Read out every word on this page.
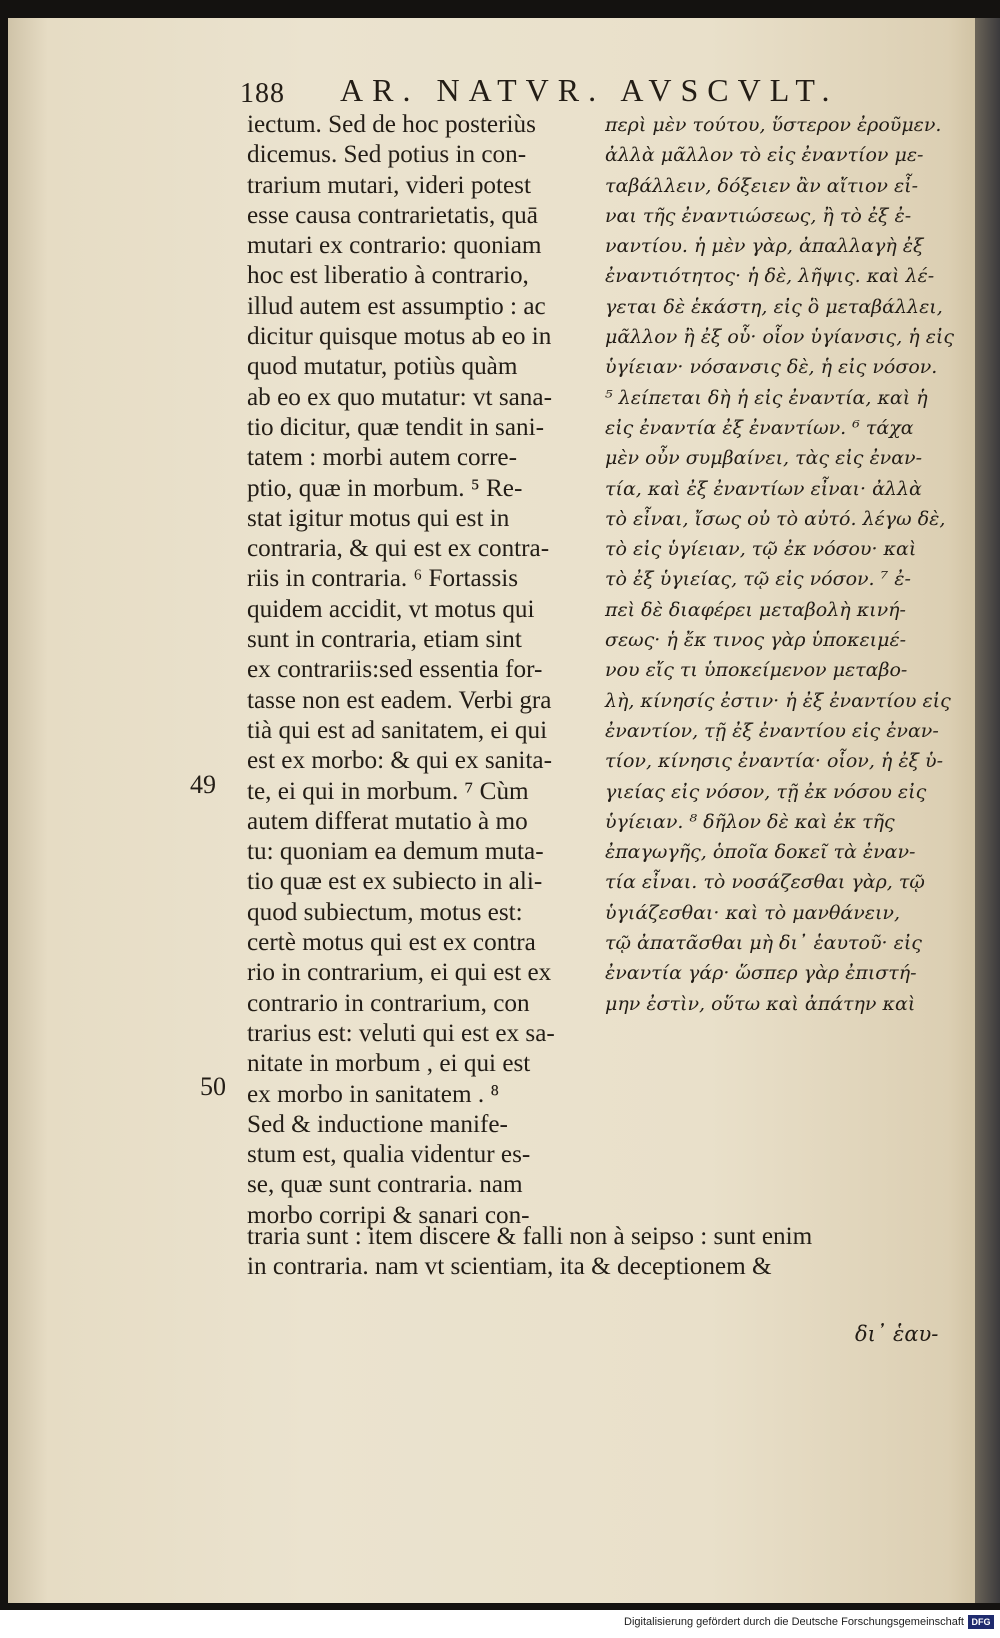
188 AR. NATVR. AVSCVLT.
49
50
iectum. Sed de hoc posteriùs
dicemus. Sed potius in con-
trarium mutari, videri potest
esse causa contrarietatis, quā
mutari ex contrario: quoniam
hoc est liberatio à contrario,
illud autem est assumptio : ac
dicitur quisque motus ab eo in
quod mutatur, potiùs quàm
ab eo ex quo mutatur: vt sana-
tio dicitur, quæ tendit in sani-
tatem : morbi autem corre-
ptio, quæ in morbum. ⁵ Re-
stat igitur motus qui est in
contraria, & qui est ex contra-
riis in contraria. ⁶ Fortassis
quidem accidit, vt motus qui
sunt in contraria, etiam sint
ex contrariis:sed essentia for-
tasse non est eadem. Verbi gra
tià qui est ad sanitatem, ei qui
est ex morbo: & qui ex sanita-
te, ei qui in morbum. ⁷ Cùm
autem differat mutatio à mo
tu: quoniam ea demum muta-
tio quæ est ex subiecto in ali-
quod subiectum, motus est:
certè motus qui est ex contra
rio in contrarium, ei qui est ex
contrario in contrarium, con
trarius est: veluti qui est ex sa-
nitate in morbum , ei qui est
ex morbo in sanitatem . ⁸
Sed & inductione manife-
stum est, qualia videntur es-
se, quæ sunt contraria. nam
morbo corripi & sanari con-
περὶ μὲν τούτου, ὕστερον ἐροῦμεν.
ἀλλὰ μᾶλλον τὸ εἰς ἐναντίον με-
ταβάλλειν, δόξειεν ἂν αἴτιον εἶ-
ναι τῆς ἐναντιώσεως, ἢ τὸ ἐξ ἐ-
ναντίου. ἡ μὲν γὰρ, ἀπαλλαγὴ ἐξ
ἐναντιότητος· ἡ δὲ, λῆψις. καὶ λέ-
γεται δὲ ἑκάστη, εἰς ὃ μεταβάλλει,
μᾶλλον ἢ ἐξ οὗ· οἷον ὑγίανσις, ἡ εἰς
ὑγίειαν· νόσανσις δὲ, ἡ εἰς νόσον.
⁵ λείπεται δὴ ἡ εἰς ἐναντία, καὶ ἡ
εἰς ἐναντία ἐξ ἐναντίων. ⁶ τάχα
μὲν οὖν συμβαίνει, τὰς εἰς ἐναν-
τία, καὶ ἐξ ἐναντίων εἶναι· ἀλλὰ
τὸ εἶναι, ἴσως οὐ τὸ αὐτό. λέγω δὲ,
τὸ εἰς ὑγίειαν, τῷ ἐκ νόσου· καὶ
τὸ ἐξ ὑγιείας, τῷ εἰς νόσον. ⁷ ἐ-
πεὶ δὲ διαφέρει μεταβολὴ κινή-
σεως· ἡ ἔκ τινος γὰρ ὑποκειμέ-
νου εἴς τι ὑποκείμενον μεταβο-
λὴ, κίνησίς ἐστιν· ἡ ἐξ ἐναντίου εἰς
ἐναντίον, τῇ ἐξ ἐναντίου εἰς ἐναν-
τίον, κίνησις ἐναντία· οἷον, ἡ ἐξ ὑ-
γιείας εἰς νόσον, τῇ ἐκ νόσου εἰς
ὑγίειαν. ⁸ δῆλον δὲ καὶ ἐκ τῆς
ἐπαγωγῆς, ὁποῖα δοκεῖ τὰ ἐναν-
τία εἶναι. τὸ νοσάζεσθαι γὰρ, τῷ
ὑγιάζεσθαι· καὶ τὸ μανθάνειν,
τῷ ἀπατᾶσθαι μὴ δι᾽ ἑαυτοῦ· εἰς
ἐναντία γάρ· ὥσπερ γὰρ ἐπιστή-
μην ἐστὶν, οὕτω καὶ ἀπάτην καὶ
traria sunt : item discere & falli non à seipso : sunt enim
in contraria. nam vt scientiam, ita & deceptionem &
δι᾽ ἑαυ-
Digitalisierung gefördert durch die Deutsche Forschungsgemeinschaft DFG
